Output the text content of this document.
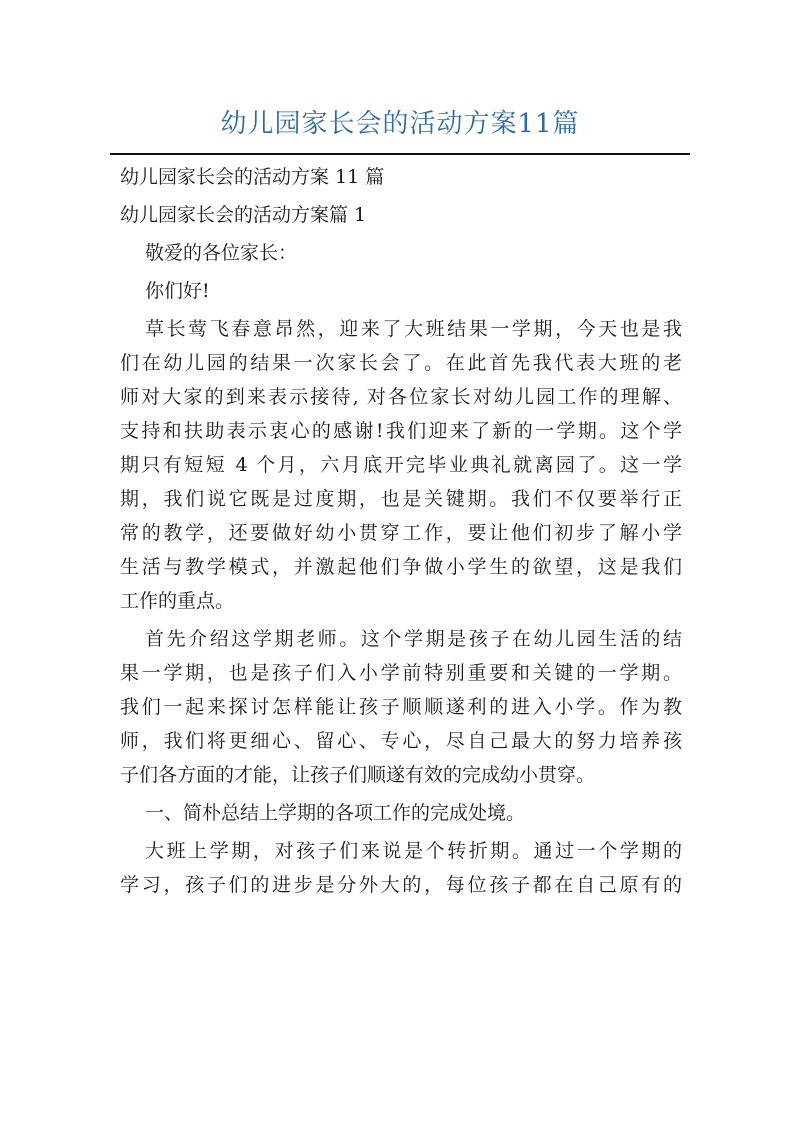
幼儿园家长会的活动方案11篇
幼儿园家长会的活动方案 11 篇
幼儿园家长会的活动方案篇 1
敬爱的各位家长：
你们好!
草长莺飞春意昂然，迎来了大班结果一学期，今天也是我
们在幼儿园的结果一次家长会了。在此首先我代表大班的老
师对大家的到来表示接待, 对各位家长对幼儿园工作的理解、
支持和扶助表示衷心的感谢!我们迎来了新的一学期。这个学
期只有短短 4 个月，六月底开完毕业典礼就离园了。这一学
期，我们说它既是过度期，也是关键期。我们不仅要举行正
常的教学，还要做好幼小贯穿工作，要让他们初步了解小学
生活与教学模式，并激起他们争做小学生的欲望，这是我们
工作的重点。
首先介绍这学期老师。这个学期是孩子在幼儿园生活的结
果一学期，也是孩子们入小学前特别重要和关键的一学期。
我们一起来探讨怎样能让孩子顺顺遂利的进入小学。作为教
师，我们将更细心、留心、专心，尽自己最大的努力培养孩
子们各方面的才能，让孩子们顺遂有效的完成幼小贯穿。
一、简朴总结上学期的各项工作的完成处境。
大班上学期，对孩子们来说是个转折期。通过一个学期的
学习，孩子们的进步是分外大的，每位孩子都在自己原有的
